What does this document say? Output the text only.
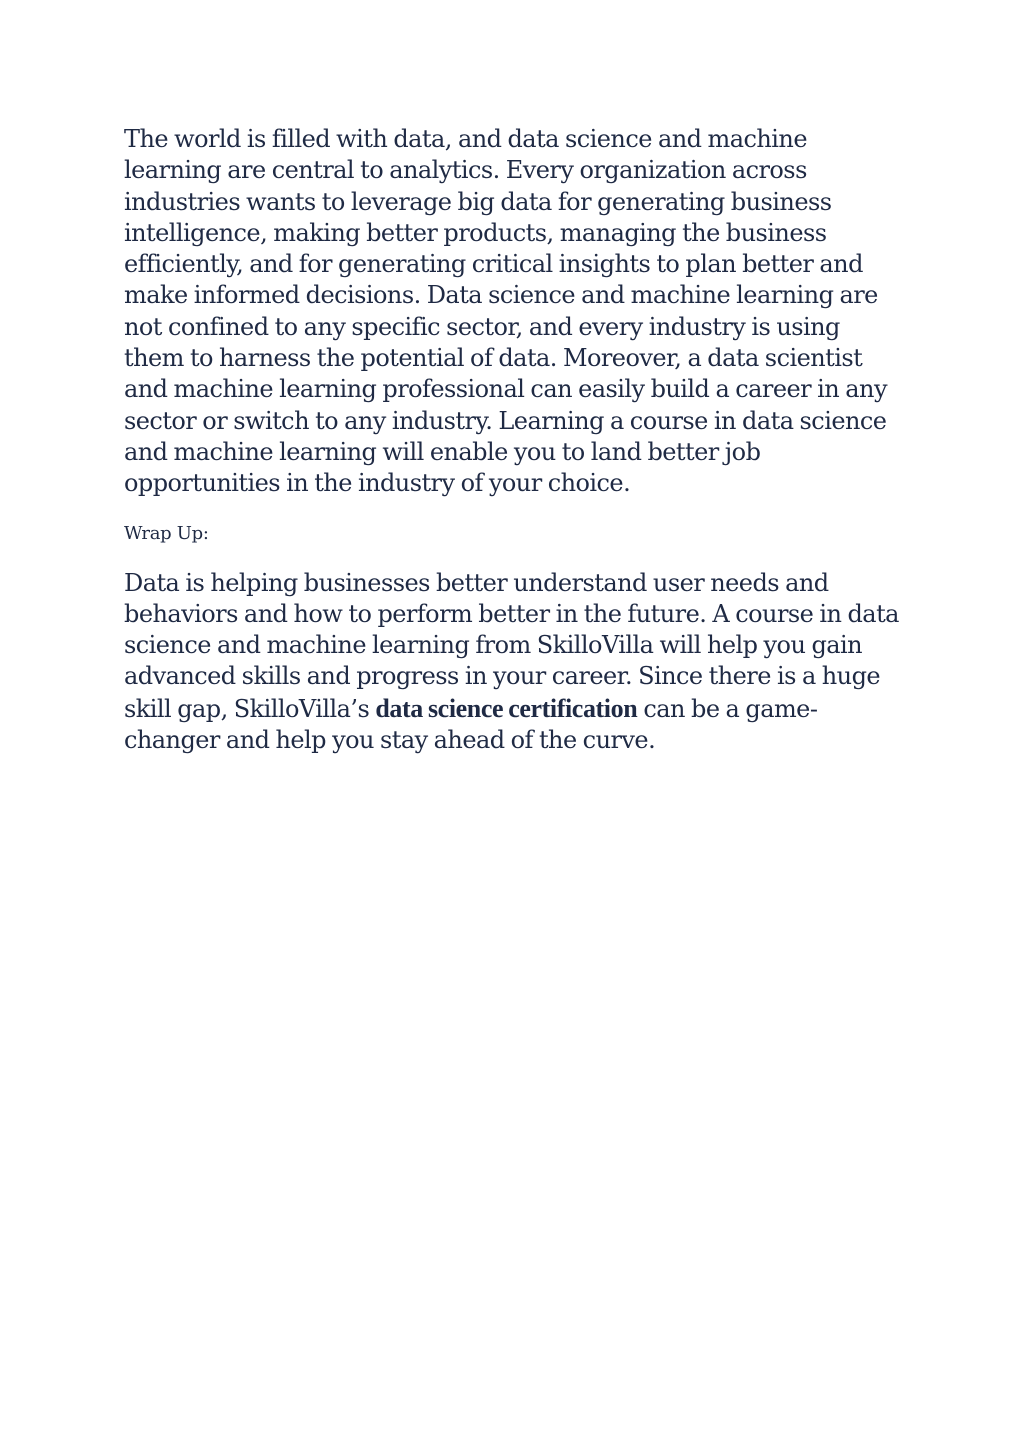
The world is filled with data, and data science and machine learning are central to analytics. Every organization across industries wants to leverage big data for generating business intelligence, making better products, managing the business efficiently, and for generating critical insights to plan better and make informed decisions. Data science and machine learning are not confined to any specific sector, and every industry is using them to harness the potential of data. Moreover, a data scientist and machine learning professional can easily build a career in any sector or switch to any industry. Learning a course in data science and machine learning will enable you to land better job opportunities in the industry of your choice.

Wrap Up:

Data is helping businesses better understand user needs and behaviors and how to perform better in the future. A course in data science and machine learning from SkilloVilla will help you gain advanced skills and progress in your career. Since there is a huge skill gap, SkilloVilla’s data science certification can be a game-changer and help you stay ahead of the curve.
